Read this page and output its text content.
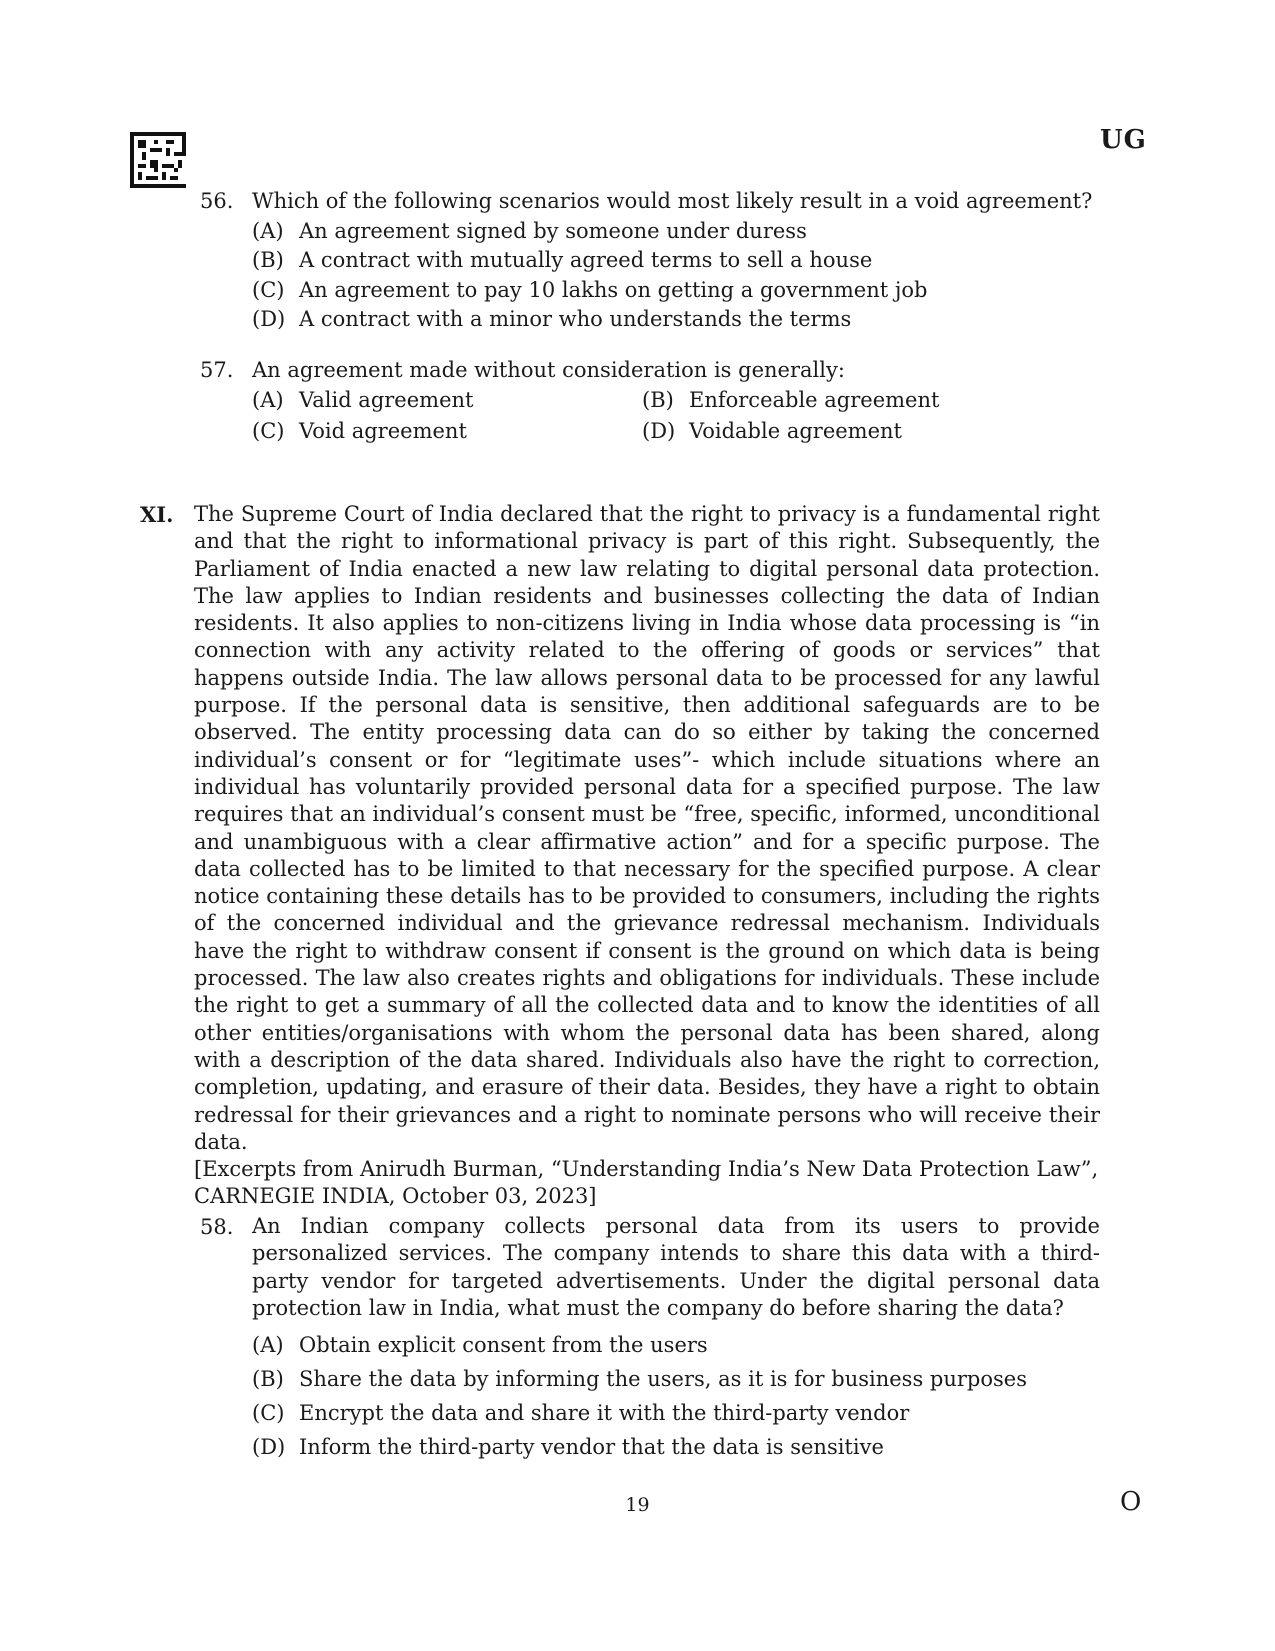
UG
56. Which of the following scenarios would most likely result in a void agreement?
(A) An agreement signed by someone under duress
(B) A contract with mutually agreed terms to sell a house
(C) An agreement to pay 10 lakhs on getting a government job
(D) A contract with a minor who understands the terms
57. An agreement made without consideration is generally:
(A) Valid agreement	(B) Enforceable agreement
(C) Void agreement	(D) Voidable agreement
XI. The Supreme Court of India declared that the right to privacy is a fundamental right and that the right to informational privacy is part of this right. Subsequently, the Parliament of India enacted a new law relating to digital personal data protection. The law applies to Indian residents and businesses collecting the data of Indian residents. It also applies to non-citizens living in India whose data processing is “in connection with any activity related to the offering of goods or services” that happens outside India. The law allows personal data to be processed for any lawful purpose. If the personal data is sensitive, then additional safeguards are to be observed. The entity processing data can do so either by taking the concerned individual’s consent or for “legitimate uses”- which include situations where an individual has voluntarily provided personal data for a specified purpose. The law requires that an individual’s consent must be “free, specific, informed, unconditional and unambiguous with a clear affirmative action” and for a specific purpose. The data collected has to be limited to that necessary for the specified purpose. A clear notice containing these details has to be provided to consumers, including the rights of the concerned individual and the grievance redressal mechanism. Individuals have the right to withdraw consent if consent is the ground on which data is being processed. The law also creates rights and obligations for individuals. These include the right to get a summary of all the collected data and to know the identities of all other entities/organisations with whom the personal data has been shared, along with a description of the data shared. Individuals also have the right to correction, completion, updating, and erasure of their data. Besides, they have a right to obtain redressal for their grievances and a right to nominate persons who will receive their data.

[Excerpts from Anirudh Burman, “Understanding India’s New Data Protection Law”, CARNEGIE INDIA, October 03, 2023]

58. An Indian company collects personal data from its users to provide personalized services. The company intends to share this data with a third-party vendor for targeted advertisements. Under the digital personal data protection law in India, what must the company do before sharing the data?
(A) Obtain explicit consent from the users
(B) Share the data by informing the users, as it is for business purposes
(C) Encrypt the data and share it with the third-party vendor
(D) Inform the third-party vendor that the data is sensitive
19	O
